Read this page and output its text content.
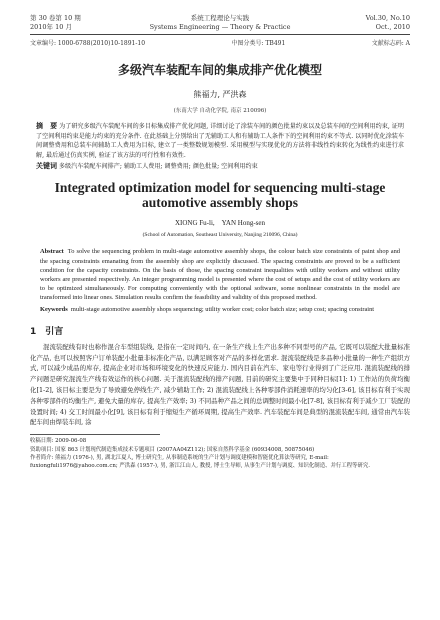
第 30 卷第 10 期
2010年 10 月
系统工程理论与实践
Systems Engineering — Theory & Practice
Vol.30, No.10
Oct., 2010
文章编号: 1000-6788(2010)10-1891-10	中图分类号: TB491	文献标志码: A
多级汽车装配车间的集成排产优化模型
熊福力, 严洪森
(东南大学 自动化学院, 南京 210096)
摘　要 为了研究多级汽车装配车间的多目标集成排产优化问题, 详细讨论了涂装车间的颜色批量约束以及总装车间的空间利用约束, 证明了空间利用约束是能力约束的充分条件. 在此基础上分别给出了无辅助工人和有辅助工人条件下的空间利用约束不等式. 以同时优化涂装车间调整费用和总装车间辅助工人费用为目标, 建立了一类整数规划模型. 采用模型与实现优化的方法将非线性约束转化为线性约束进行求解, 最后通过仿真实例, 验证了该方法的可行性和有效性.
关键词 多级汽车装配车间排产; 辅助工人费用; 调整费用; 颜色批量; 空间利用约束
Integrated optimization model for sequencing multi-stage automotive assembly shops
XIONG Fu-li,　YAN Hong-sen
(School of Automation, Southeast University, Nanjing 210096, China)
Abstract To solve the sequencing problem in multi-stage automotive assembly shops, the colour batch size constraints of paint shop and the spacing constraints emanating from the assembly shop are explicitly discussed. The spacing constraints are proved to be a sufficient condition for the capacity constraints. On the basis of those, the spacing constraint inequalities with utility workers and without utility workers are presented respectively. An integer programming model is presented where the cost of setups and the cost of utility workers are to be optimized simultaneously. For computing conveniently with the optional software, some nonlinear constraints in the model are transformed into linear ones. Simulation results confirm the feasibility and validity of this proposed method.
Keywords multi-stage automotive assembly shops sequencing; utility worker cost; color batch size; setup cost; spacing constraint
1　引言
混流装配线有时也称作混合车型组装线, 是指在一定时间内, 在一条生产线上生产出多种不同型号的产品, 它既可以装配大批量标准化产品, 也可以按照客户订单装配小批量非标准化产品, 以满足顾客对产品的多样化需求. 混流装配线是多品种小批量的一种生产组织方式, 可以减少成品的库存, 提高企业对市场和环境变化的快速反应能力. 国内目前在汽车、家电等行业得到了广泛应用. 混流装配线的排产问题是研究混流生产线有效运作的核心问题. 关于混流装配线的排产问题, 目前的研究主要集中于同种目标[1]: 1) 工作站的负荷均衡化[1-2], 该目标主要是为了导致避免停线生产, 减少辅助工作; 2) 混流装配线上各种零部件消耗速率的均匀化[3-6], 该目标有利于实现各种零部件的均衡生产, 避免大量的库存, 提高生产效率; 3) 不同品种产品之间的总调整时间最小化[7-8], 该目标有利于减少工厂装配的设置时间; 4) 交工时间最小化[9], 该目标有利于缩短生产循环周期, 提高生产效率. 汽车装配车间是典型的混流装配车间, 通常由汽车装配车间由焊装车间, 涂
收稿日期: 2009-06-08
资助项目: 国家 863 计划现代制造集成技术专题项目 (2007AA04Z112); 国家自然科学基金 (60934008, 50875046)
作者简介: 熊福力 (1976-), 男, 湖北江夏人, 博士研究生, 从事制造系统的生产计划与调度建模和智能优化算法等研究, E-mail: fuxiongfuli1976@yahoo.com.cn; 严洪森 (1957-), 男, 浙江江山人, 教授, 博士生导师, 从事生产计划与调度、知识化制造、并行工程等研究.
